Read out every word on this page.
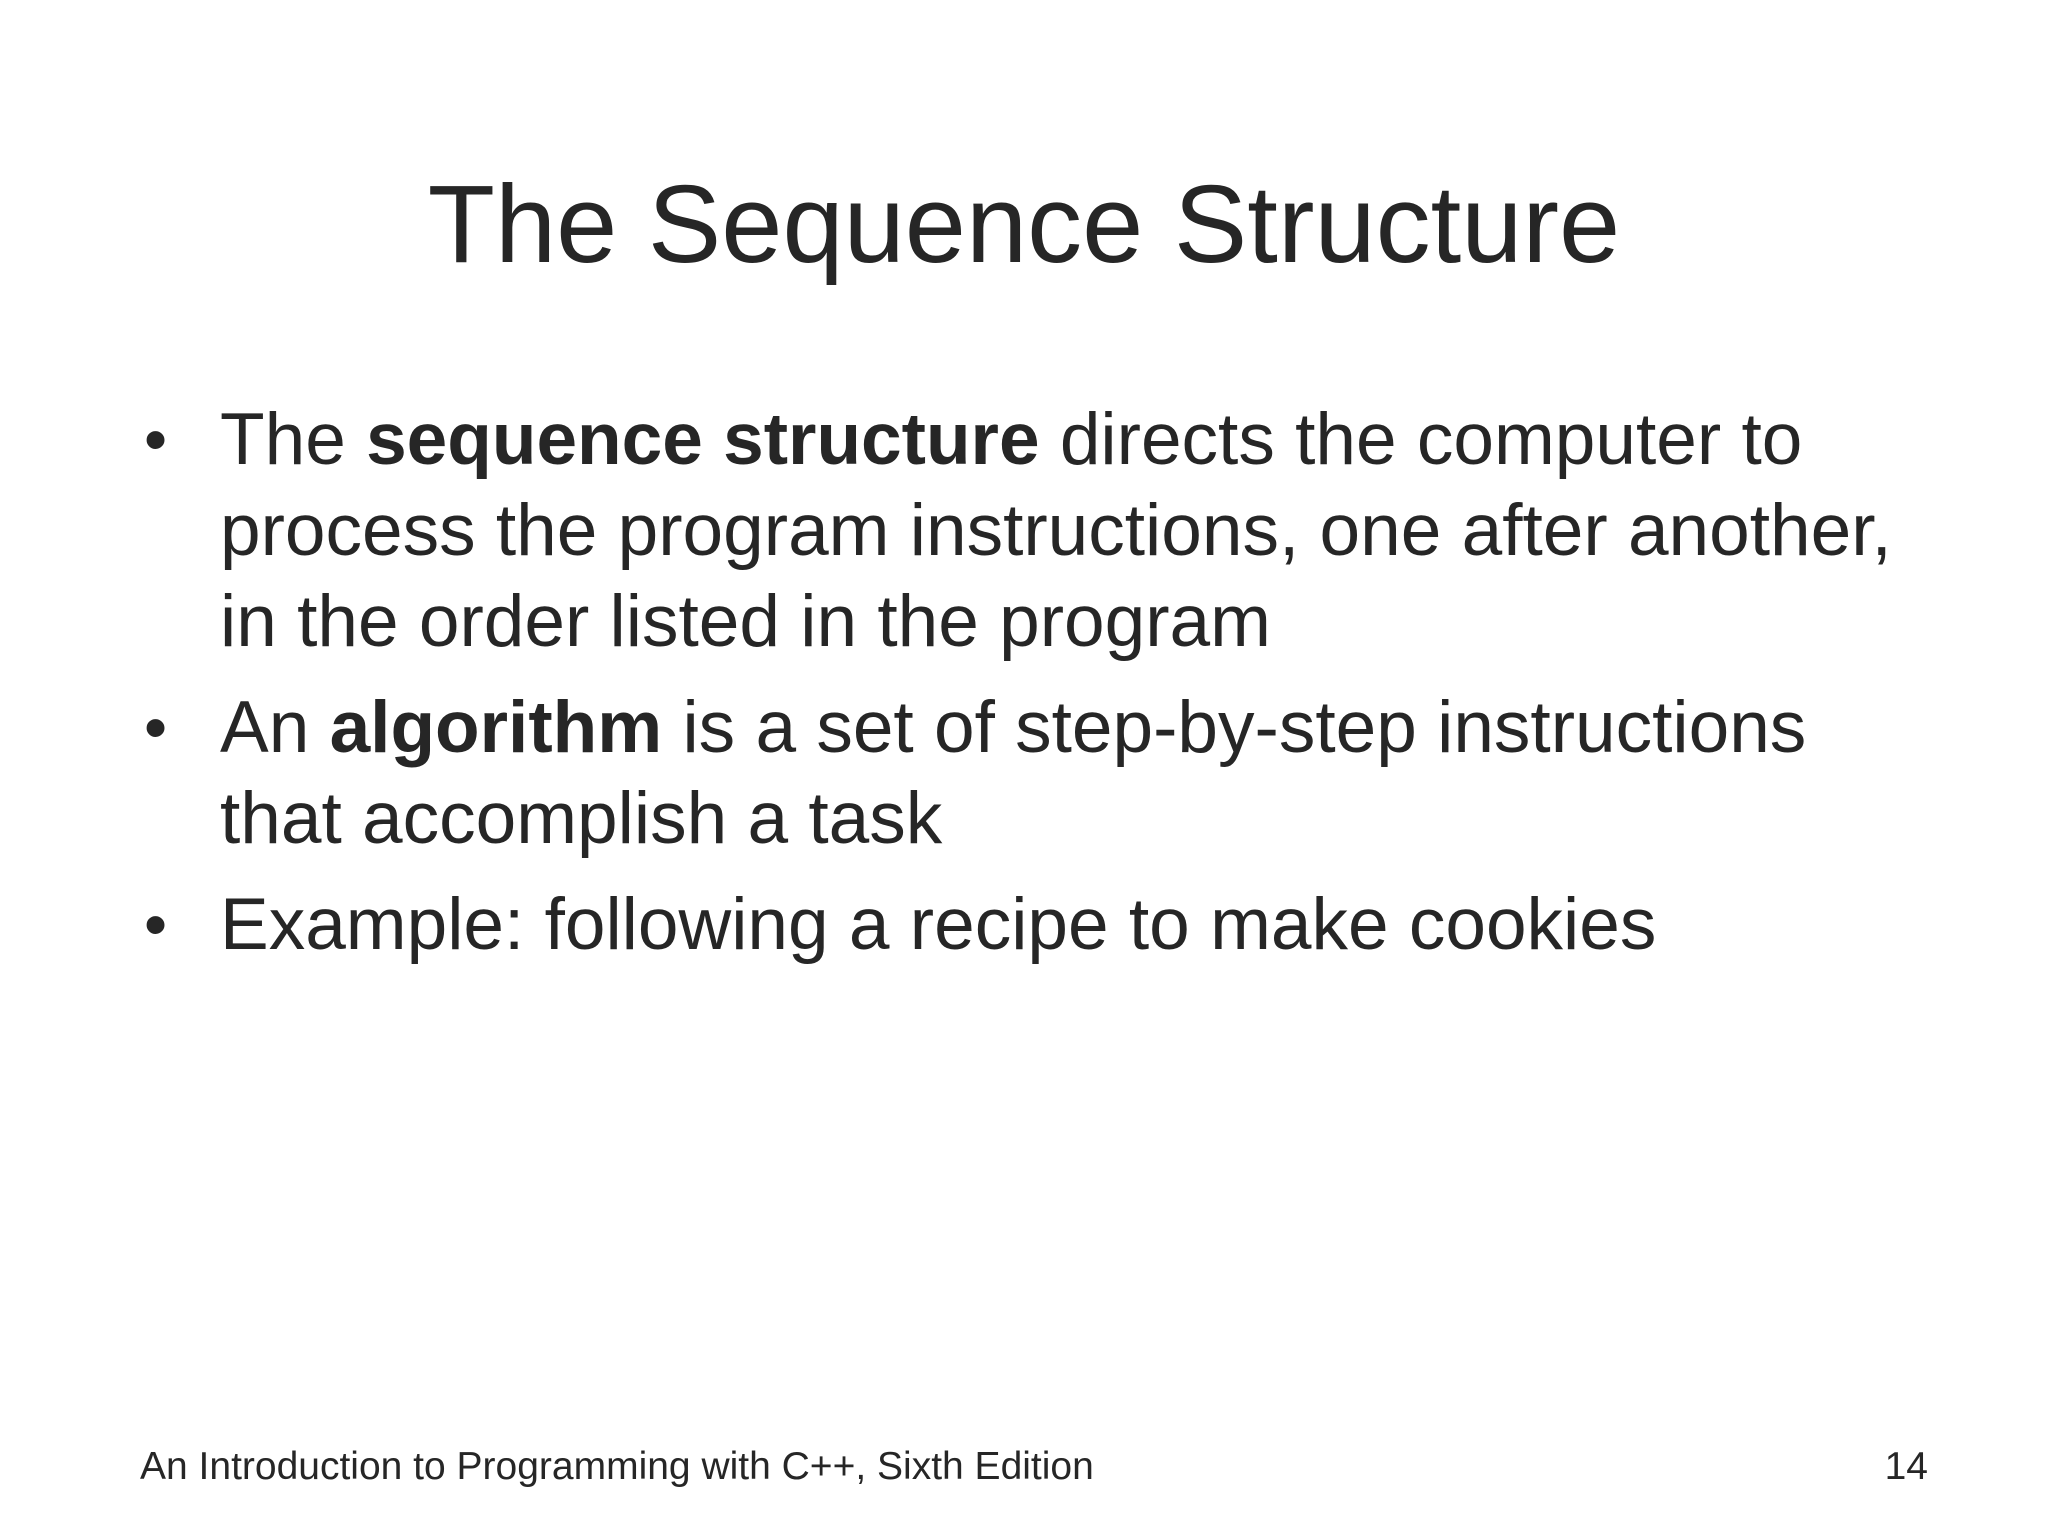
The Sequence Structure
• The sequence structure directs the computer to process the program instructions, one after another, in the order listed in the program
• An algorithm is a set of step-by-step instructions that accomplish a task
• Example: following a recipe to make cookies
An Introduction to Programming with C++, Sixth Edition	14
